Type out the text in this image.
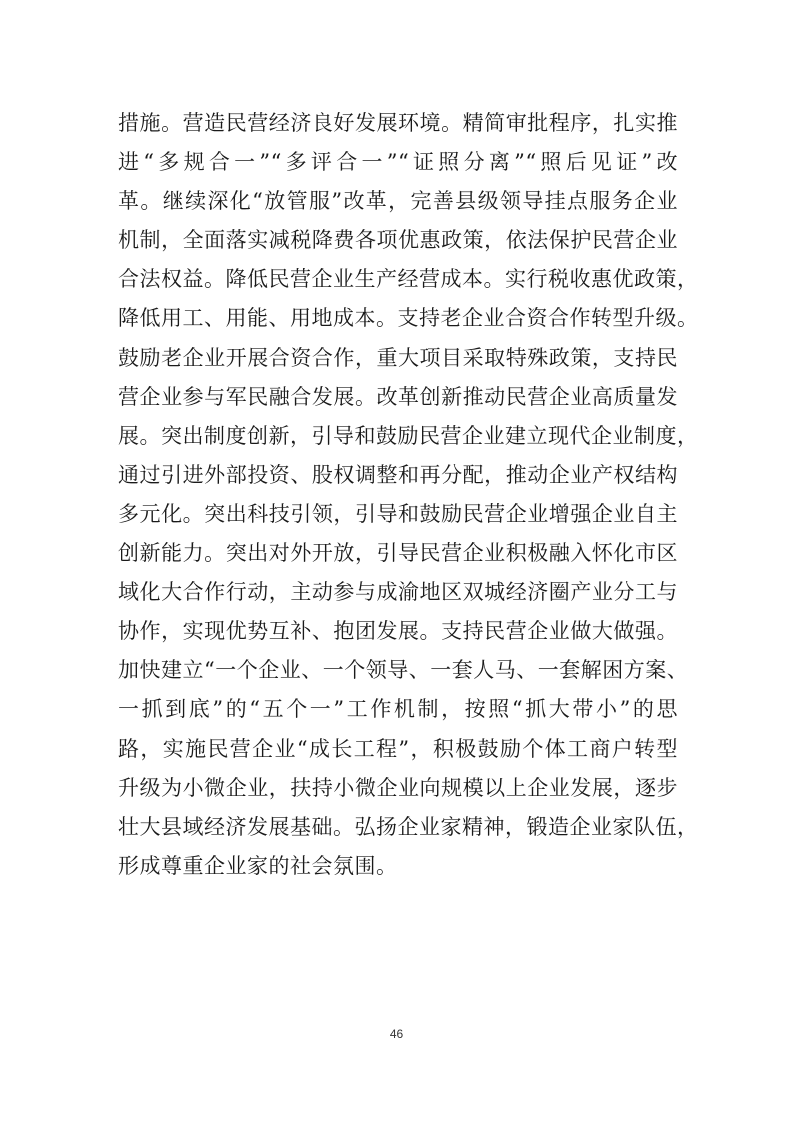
措施。营造民营经济良好发展环境。精简审批程序，扎实推
进“多规合一”“多评合一”“证照分离”“照后见证”改
革。继续深化“放管服”改革，完善县级领导挂点服务企业
机制，全面落实减税降费各项优惠政策，依法保护民营企业
合法权益。降低民营企业生产经营成本。实行税收惠优政策，
降低用工、用能、用地成本。支持老企业合资合作转型升级。
鼓励老企业开展合资合作，重大项目采取特殊政策，支持民
营企业参与军民融合发展。改革创新推动民营企业高质量发
展。突出制度创新，引导和鼓励民营企业建立现代企业制度，
通过引进外部投资、股权调整和再分配，推动企业产权结构
多元化。突出科技引领，引导和鼓励民营企业增强企业自主
创新能力。突出对外开放，引导民营企业积极融入怀化市区
域化大合作行动，主动参与成渝地区双城经济圈产业分工与
协作，实现优势互补、抱团发展。支持民营企业做大做强。
加快建立“一个企业、一个领导、一套人马、一套解困方案、
一抓到底”的“五个一”工作机制，按照“抓大带小”的思
路，实施民营企业“成长工程”，积极鼓励个体工商户转型
升级为小微企业，扶持小微企业向规模以上企业发展，逐步
壮大县域经济发展基础。弘扬企业家精神，锻造企业家队伍，
形成尊重企业家的社会氛围。
46
